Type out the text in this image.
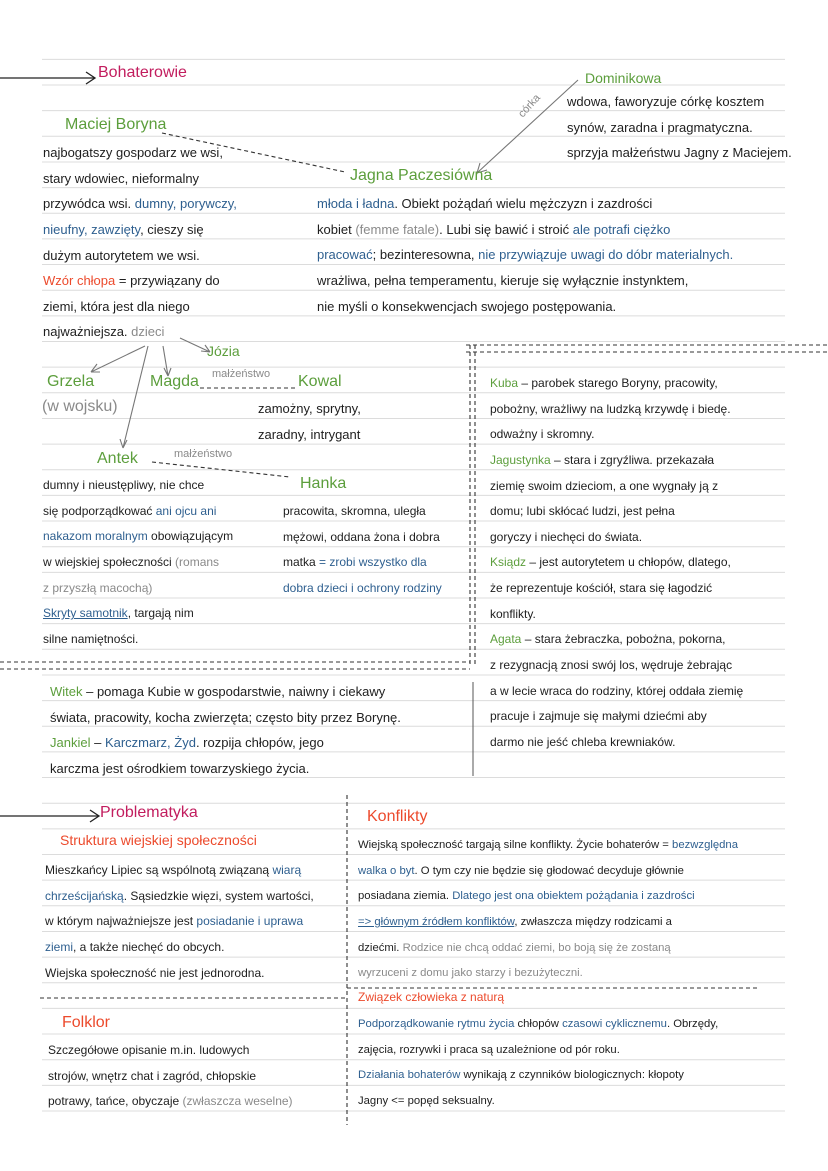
Bohaterowie	Dominikowa
córka wdowa, faworyzuje córkę kosztem
synów, zaradna i pragmatyczna.
sprzyja małżeństwu Jagny z Maciejem.
Maciej Boryna
najbogatszy gospodarz we wsi,
stary wdowiec, nieformalny
przywódca wsi. dumny, porywczy,
nieufny, zawzięty, cieszy się
dużym autorytetem we wsi.
Wzór chłopa = przywiązany do
ziemi, która jest dla niego
najważniejsza. dzieci
Jagna Paczesiówna
młoda i ładna. Obiekt pożądań wielu mężczyzn i zazdrości
kobiet (femme fatale). Lubi się bawić i stroić ale potrafi ciężko
pracować; bezinteresowna, nie przywiązuje uwagi do dóbr materialnych.
wrażliwa, pełna temperamentu, kieruje się wyłącznie instynktem,
nie myśli o konsekwencjach swojego postępowania.
Józia
Grzela
(w wojsku)
Magda małżeństwo Kowal
zamożny, sprytny,
zaradny, intrygant
Antek	małżeństwo
Hanka
dumny i nieustępliwy, nie chce
się podporządkować ani ojcu ani
nakazom moralnym obowiązującym
w wiejskiej społeczności (romans
z przyszłą macochą)
Skryty samotnik, targają nim
silne namiętności.
pracowita, skromna, uległa
mężowi, oddana żona i dobra
matka = zrobi wszystko dla
dobra dzieci i ochrony rodziny
Kuba – parobek starego Boryny, pracowity,
pobożny, wrażliwy na ludzką krzywdę i biedę.
odważny i skromny.
Jagustynka – stara i zgryźliwa. przekazała
ziemię swoim dzieciom, a one wygnały ją z
domu; lubi skłócać ludzi, jest pełna
goryczy i niechęci do świata.
Ksiądz – jest autorytetem u chłopów, dlatego,
że reprezentuje kościół, stara się łagodzić
konflikty.
Agata – stara żebraczka, pobożna, pokorna,
z rezygnacją znosi swój los, wędruje żebrając
a w lecie wraca do rodziny, której oddała ziemię
pracuje i zajmuje się małymi dziećmi aby
darmo nie jeść chleba krewniaków.
Witek – pomaga Kubie w gospodarstwie, naiwny i ciekawy
świata, pracowity, kocha zwierzęta; często bity przez Borynę.
Jankiel – Karczmarz, Żyd. rozpija chłopów, jego
karczma jest ośrodkiem towarzyskiego życia.
Problematyka
Struktura wiejskiej społeczności
Mieszkańcy Lipiec są wspólnotą związaną wiarą
chrześcijańską. Sąsiedzkie więzi, system wartości,
w którym najważniejsze jest posiadanie i uprawa
ziemi, a także niechęć do obcych.
Wiejska społeczność nie jest jednorodna.
Folklor
Szczegółowe opisanie m.in. ludowych
strojów, wnętrz chat i zagród, chłopskie
potrawy, tańce, obyczaje (zwłaszcza weselne)
Konflikty
Wiejską społeczność targają silne konflikty. Życie bohaterów = bezwzględna
walka o byt. O tym czy nie będzie się głodować decyduje głównie
posiadana ziemia. Dlatego jest ona obiektem pożądania i zazdrości
=> głównym źródłem konfliktów, zwłaszcza między rodzicami a
dziećmi. Rodzice nie chcą oddać ziemi, bo boją się że zostaną
wyrzuceni z domu jako starzy i bezużyteczni.
Związek człowieka z naturą
Podporządkowanie rytmu życia chłopów czasowi cyklicznemu. Obrzędy,
zajęcia, rozrywki i praca są uzależnione od pór roku.
Działania bohaterów wynikają z czynników biologicznych: kłopoty
Jagny <= popęd seksualny.
